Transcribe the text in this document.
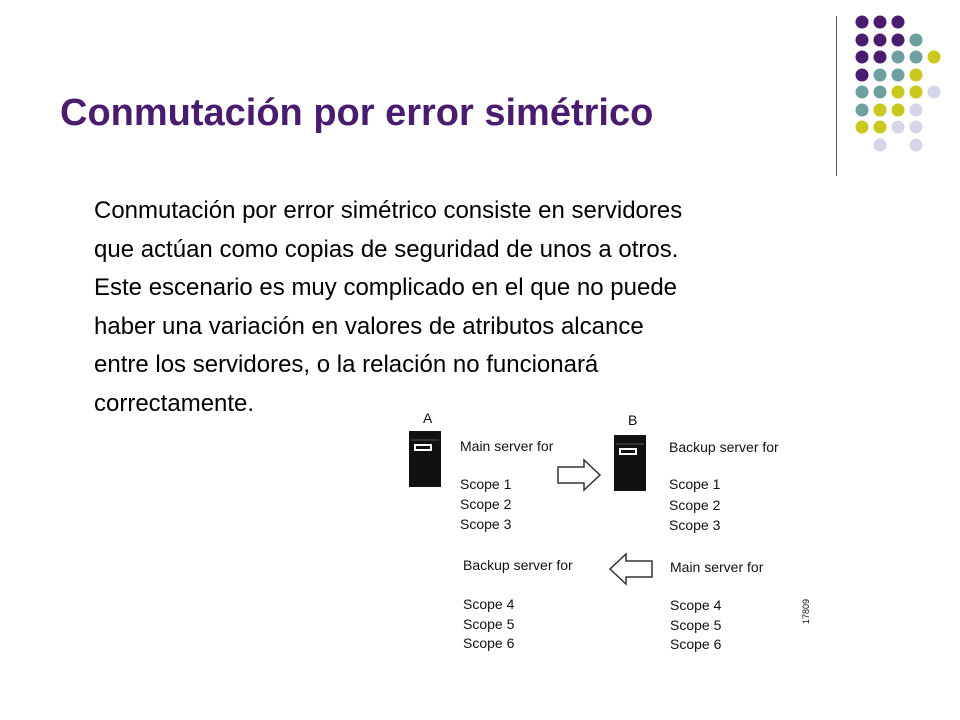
Conmutación por error simétrico
Conmutación por error simétrico consiste en servidores
que actúan como copias de seguridad de unos a otros.
Este escenario es muy complicado en el que no puede
haber una variación en valores de atributos alcance
entre los servidores, o la relación no funcionará
correctamente.
A	B
Main server for
Scope 1
Scope 2
Scope 3
Backup server for
Scope 1
Scope 2
Scope 3
Backup server for
Scope 4
Scope 5
Scope 6
Main server for
Scope 4
Scope 5
Scope 6
17809
